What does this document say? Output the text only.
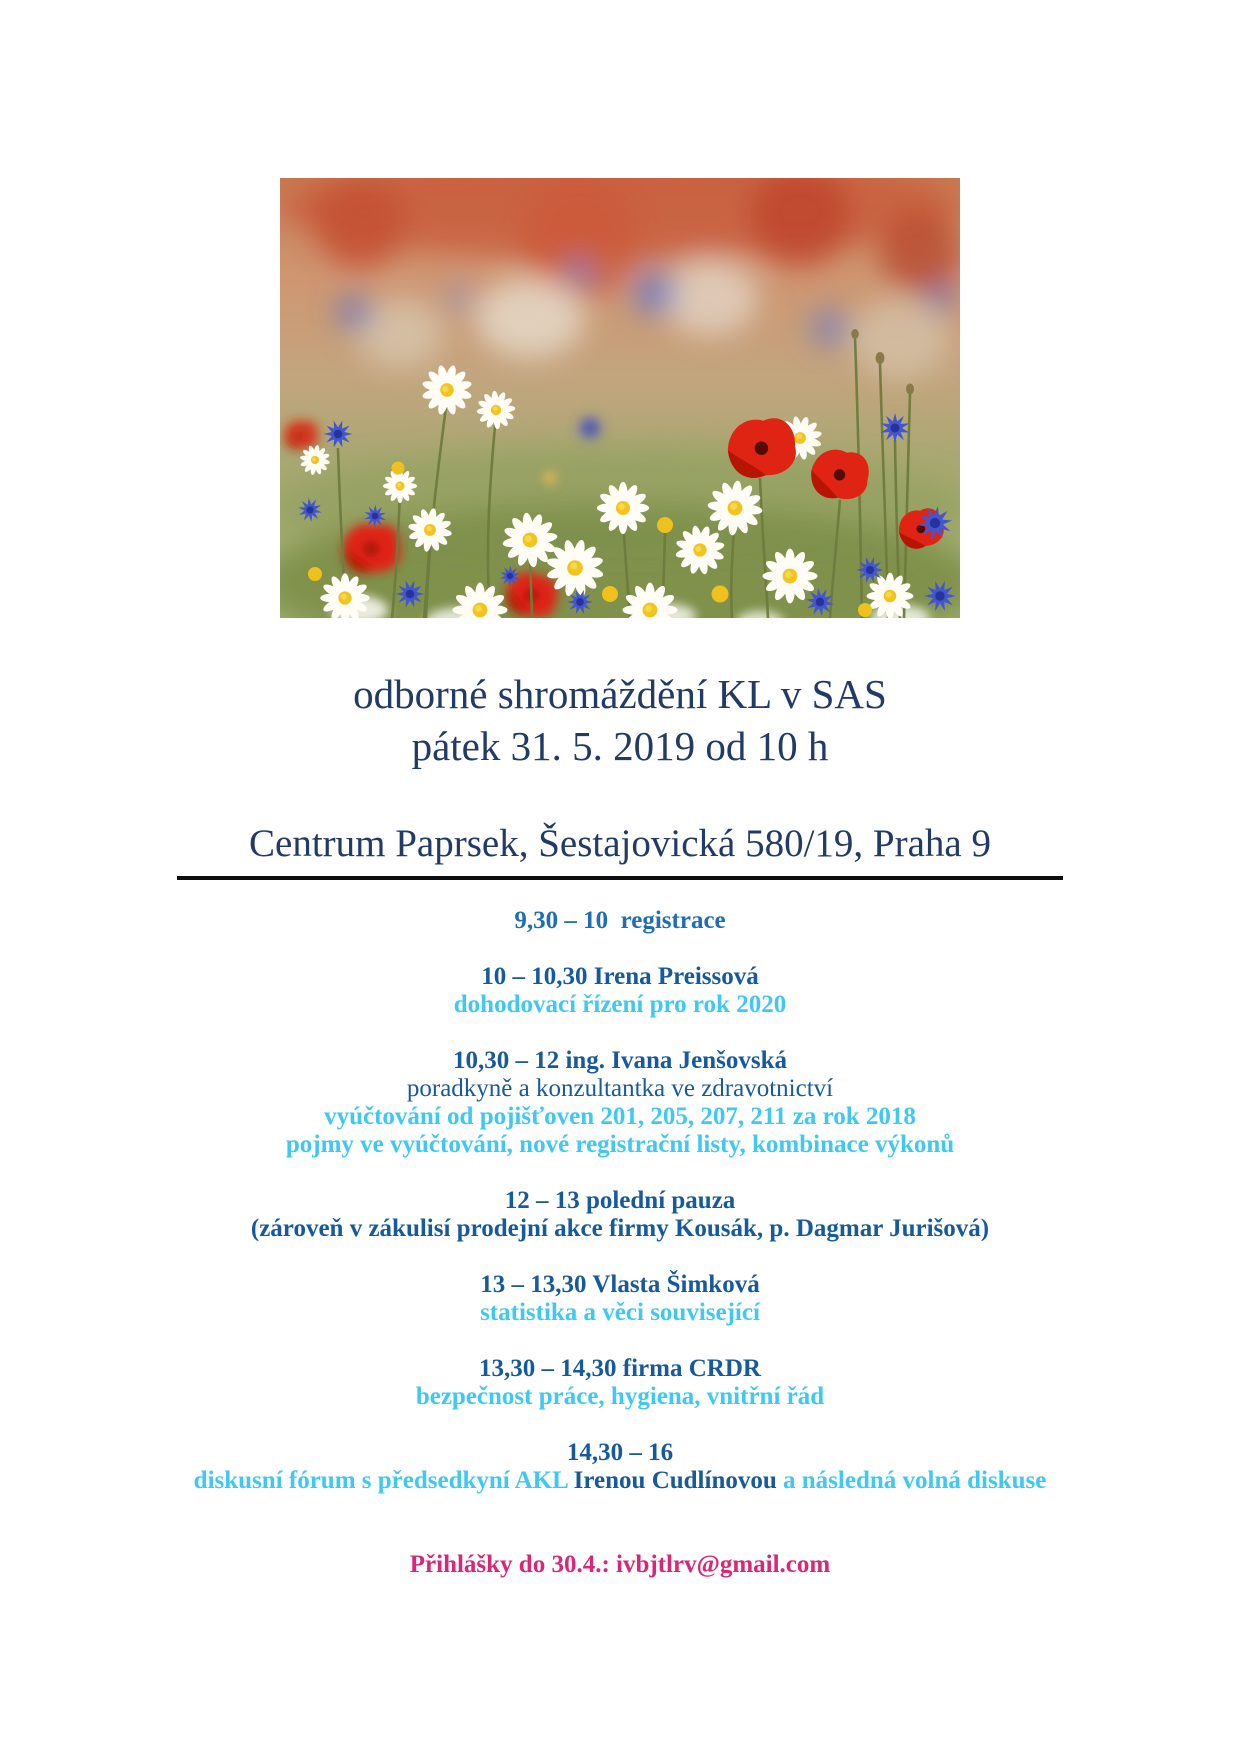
odborné shromáždění KL v SAS
pátek 31. 5. 2019 od 10 h
Centrum Paprsek, Šestajovická 580/19, Praha 9

9,30 – 10  registrace

10 – 10,30 Irena Preissová
dohodovací řízení pro rok 2020

10,30 – 12 ing. Ivana Jenšovská
poradkyně a konzultantka ve zdravotnictví
vyúčtování od pojišťoven 201, 205, 207, 211 za rok 2018
pojmy ve vyúčtování, nové registrační listy, kombinace výkonů

12 – 13 polední pauza
(zároveň v zákulisí prodejní akce firmy Kousák, p. Dagmar Jurišová)

13 – 13,30 Vlasta Šimková
statistika a věci související

13,30 – 14,30 firma CRDR
bezpečnost práce, hygiena, vnitřní řád

14,30 – 16
diskusní fórum s předsedkyní AKL Irenou Cudlínovou a následná volná diskuse

Přihlášky do 30.4.: ivbjtlrv@gmail.com
